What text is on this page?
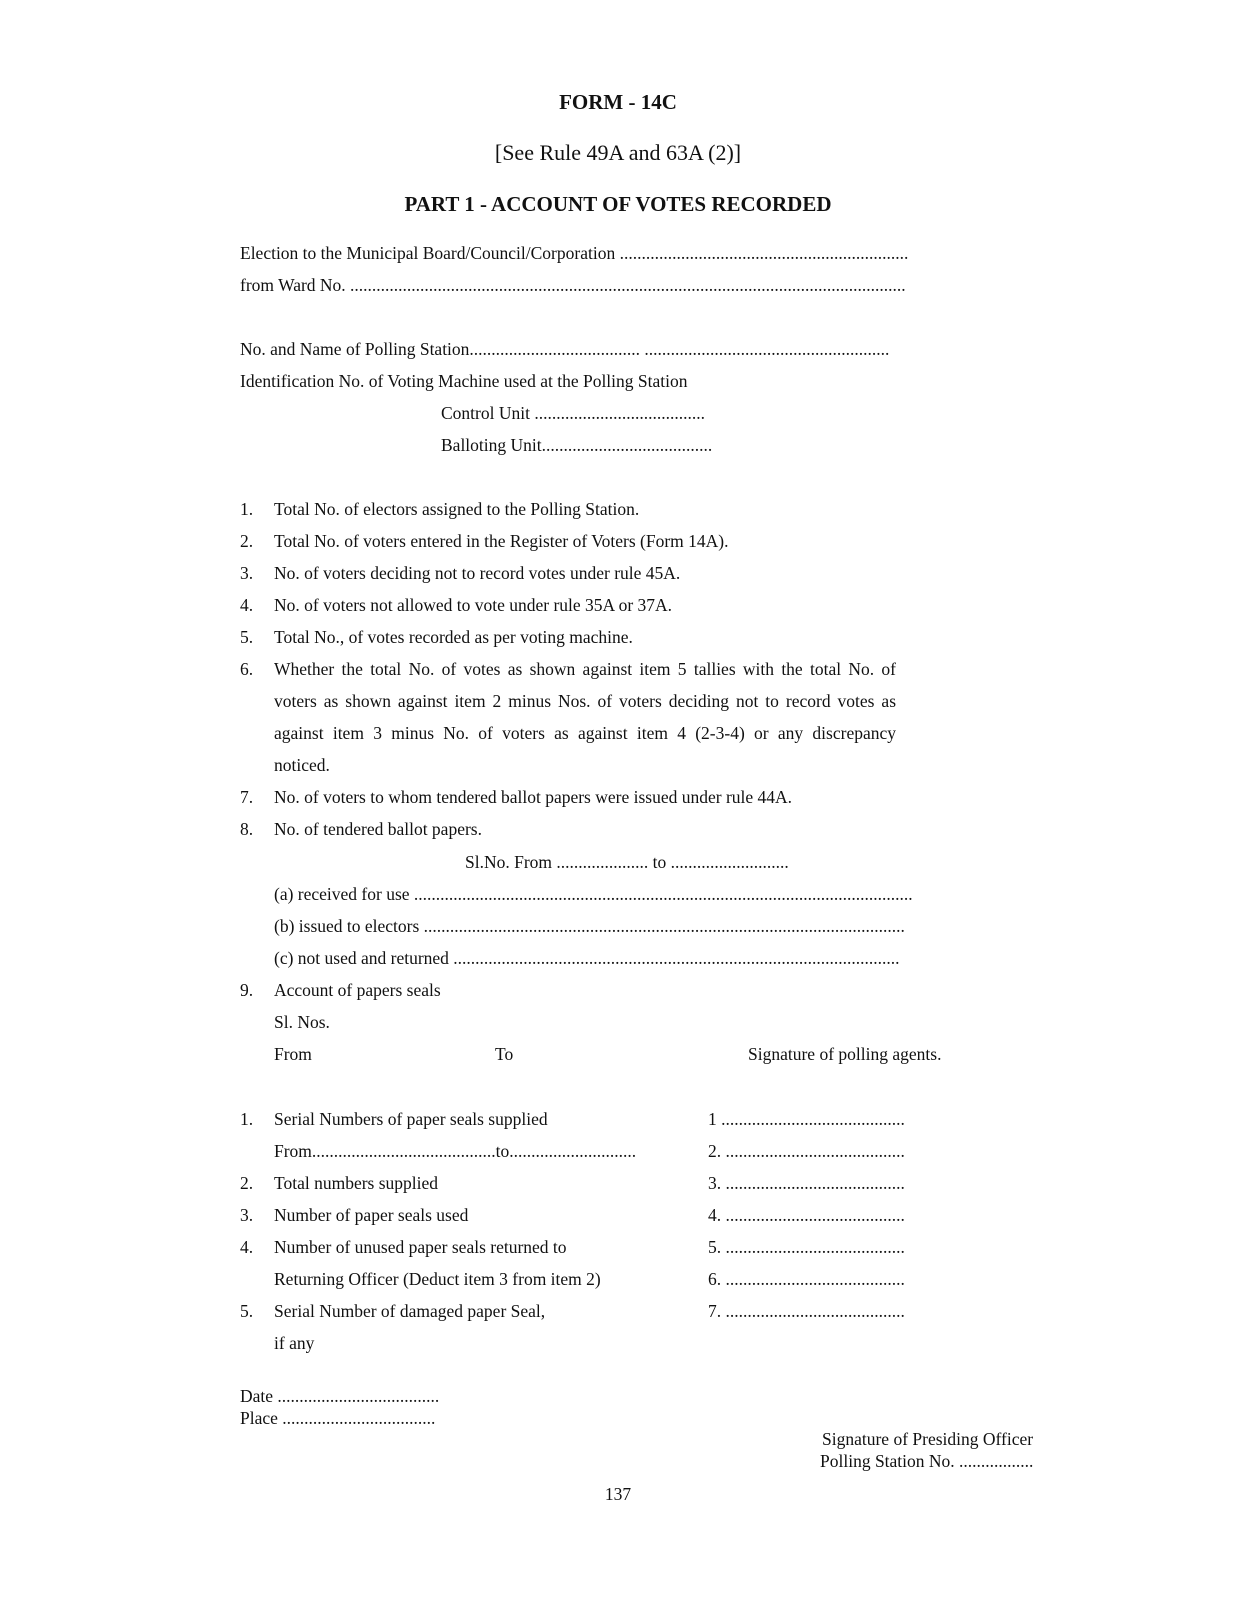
FORM - 14C
[See Rule 49A and 63A (2)]
PART 1 - ACCOUNT OF VOTES RECORDED
Election to the Municipal Board/Council/Corporation ..................................................................
from Ward No. ...............................................................................................................................
No. and Name of Polling Station....................................... ........................................................
Identification No. of Voting Machine used at the Polling Station
Control Unit .......................................
Balloting Unit.......................................
1. Total No. of electors assigned to the Polling Station.
2. Total No. of voters entered in the Register of Voters (Form 14A).
3. No. of voters deciding not to record votes under rule 45A.
4. No. of voters not allowed to vote under rule 35A or 37A.
5. Total No., of votes recorded as per voting machine.
6. Whether the total No. of votes as shown against item 5 tallies with the total No. of
voters as shown against item 2 minus Nos. of voters deciding not to record votes as
against item 3 minus No. of voters as against item 4 (2-3-4) or any discrepancy
noticed.
7. No. of voters to whom tendered ballot papers were issued under rule 44A.
8. No. of tendered ballot papers.
Sl.No. From ..................... to ...........................
(a) received for use ..................................................................................................................
(b) issued to electors ..............................................................................................................
(c) not used and returned ......................................................................................................
9. Account of papers seals
Sl. Nos.
From	To	Signature of polling agents.
1. Serial Numbers of paper seals supplied
From..........................................to.............................
2. Total numbers supplied
3. Number of paper seals used
4. Number of unused paper seals returned to
Returning Officer (Deduct item 3 from item 2)
5. Serial Number of damaged paper Seal,
if any
1 ..........................................
2. .........................................
3. .........................................
4. .........................................
5. .........................................
6. .........................................
7. .........................................
Date .....................................
Place ...................................
Signature of Presiding Officer
Polling Station No. .................
137
